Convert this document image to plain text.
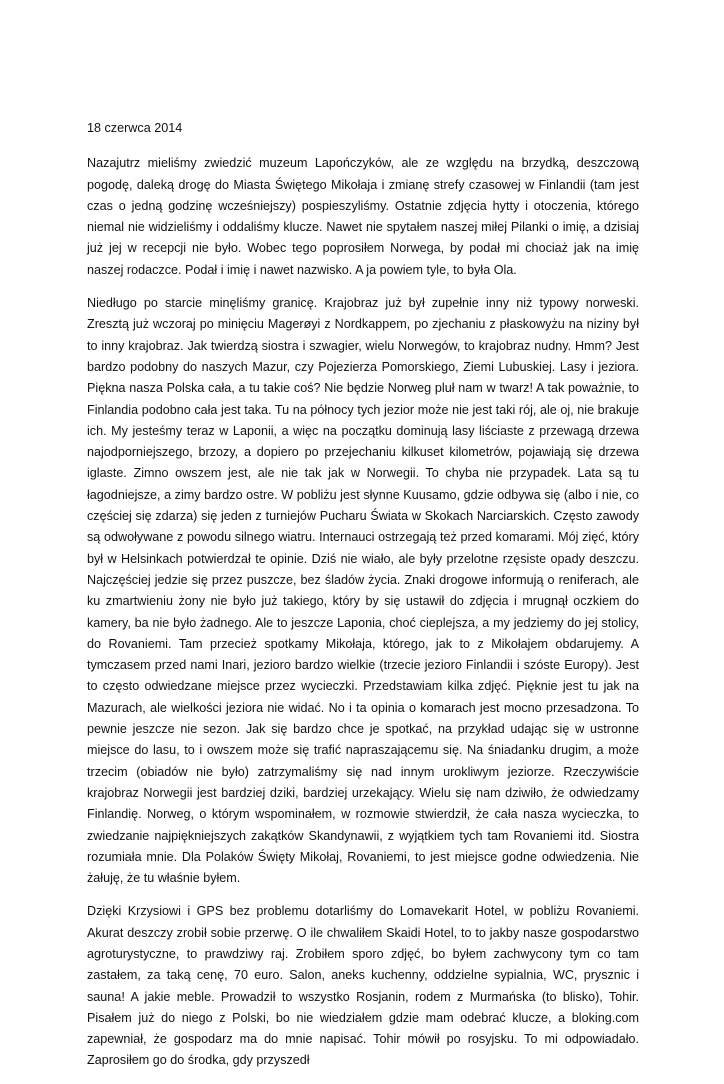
18 czerwca 2014

Nazajutrz mieliśmy zwiedzić muzeum Lapończyków, ale ze względu na brzydką, deszczową pogodę, daleką drogę do Miasta Świętego Mikołaja i zmianę strefy czasowej w Finlandii (tam jest czas o jedną godzinę wcześniejszy) pospieszyliśmy. Ostatnie zdjęcia hytty i otoczenia, którego niemal nie widzieliśmy i oddaliśmy klucze. Nawet nie spytałem naszej miłej Pilanki o imię, a dzisiaj już jej w recepcji nie było. Wobec tego poprosiłem Norwega, by podał mi chociaż jak na imię naszej rodaczce. Podał i imię i nawet nazwisko. A ja powiem tyle, to była Ola.

Niedługo po starcie minęliśmy granicę. Krajobraz już był zupełnie inny niż typowy norweski. Zresztą już wczoraj po minięciu Magerøyi z Nordkappem, po zjechaniu z płaskowyżu na niziny był to inny krajobraz. Jak twierdzą siostra i szwagier, wielu Norwegów, to krajobraz nudny. Hmm? Jest bardzo podobny do naszych Mazur, czy Pojezierza Pomorskiego, Ziemi Lubuskiej. Lasy i jeziora. Piękna nasza Polska cała, a tu takie coś? Nie będzie Norweg pluł nam w twarz! A tak poważnie, to Finlandia podobno cała jest taka. Tu na północy tych jezior może nie jest taki rój, ale oj, nie brakuje ich. My jesteśmy teraz w Laponii, a więc na początku dominują lasy liściaste z przewagą drzewa najodporniejszego, brzozy, a dopiero po przejechaniu kilkuset kilometrów, pojawiają się drzewa iglaste. Zimno owszem jest, ale nie tak jak w Norwegii. To chyba nie przypadek. Lata są tu łagodniejsze, a zimy bardzo ostre. W pobliżu jest słynne Kuusamo, gdzie odbywa się (albo i nie, co częściej się zdarza) się jeden z turniejów Pucharu Świata w Skokach Narciarskich. Często zawody są odwoływane z powodu silnego wiatru. Internauci ostrzegają też przed komarami. Mój zięć, który był w Helsinkach potwierdzał te opinie. Dziś nie wiało, ale były przelotne rzęsiste opady deszczu. Najczęściej jedzie się przez puszcze, bez śladów życia. Znaki drogowe informują o reniferach, ale ku zmartwieniu żony nie było już takiego, który by się ustawił do zdjęcia i mrugnął oczkiem do kamery, ba nie było żadnego. Ale to jeszcze Laponia, choć cieplejsza, a my jedziemy do jej stolicy, do Rovaniemi. Tam przecież spotkamy Mikołaja, którego, jak to z Mikołajem obdarujemy. A tymczasem przed nami Inari, jezioro bardzo wielkie (trzecie jezioro Finlandii i szóste Europy). Jest to często odwiedzane miejsce przez wycieczki. Przedstawiam kilka zdjęć. Pięknie jest tu jak na Mazurach, ale wielkości jeziora nie widać. No i ta opinia o komarach jest mocno przesadzona. To pewnie jeszcze nie sezon. Jak się bardzo chce je spotkać, na przykład udając się w ustronne miejsce do lasu, to i owszem może się trafić napraszającemu się. Na śniadanku drugim, a może trzecim (obiadów nie było) zatrzymaliśmy się nad innym urokliwym jeziorze. Rzeczywiście krajobraz Norwegii jest bardziej dziki, bardziej urzekający. Wielu się nam dziwiło, że odwiedzamy Finlandię. Norweg, o którym wspominałem, w rozmowie stwierdził, że cała nasza wycieczka, to zwiedzanie najpiękniejszych zakątków Skandynawii, z wyjątkiem tych tam Rovaniemi itd. Siostra rozumiała mnie. Dla Polaków Święty Mikołaj, Rovaniemi, to jest miejsce godne odwiedzenia. Nie żałuję, że tu właśnie byłem.

Dzięki Krzysiowi i GPS bez problemu dotarliśmy do Lomavekarit Hotel, w pobliżu Rovaniemi. Akurat deszczy zrobił sobie przerwę. O ile chwaliłem Skaidi Hotel, to to jakby nasze gospodarstwo agroturystyczne, to prawdziwy raj. Zrobiłem sporo zdjęć, bo byłem zachwycony tym co tam zastałem, za taką cenę, 70 euro. Salon, aneks kuchenny, oddzielne sypialnia, WC, prysznic i sauna! A jakie meble. Prowadził to wszystko Rosjanin, rodem z Murmańska (to blisko), Tohir. Pisałem już do niego z Polski, bo nie wiedziałem gdzie mam odebrać klucze, a bloking.com zapewniał, że gospodarz ma do mnie napisać. Tohir mówił po rosyjsku. To mi odpowiadało. Zaprosiłem go do środka, gdy przyszedł
